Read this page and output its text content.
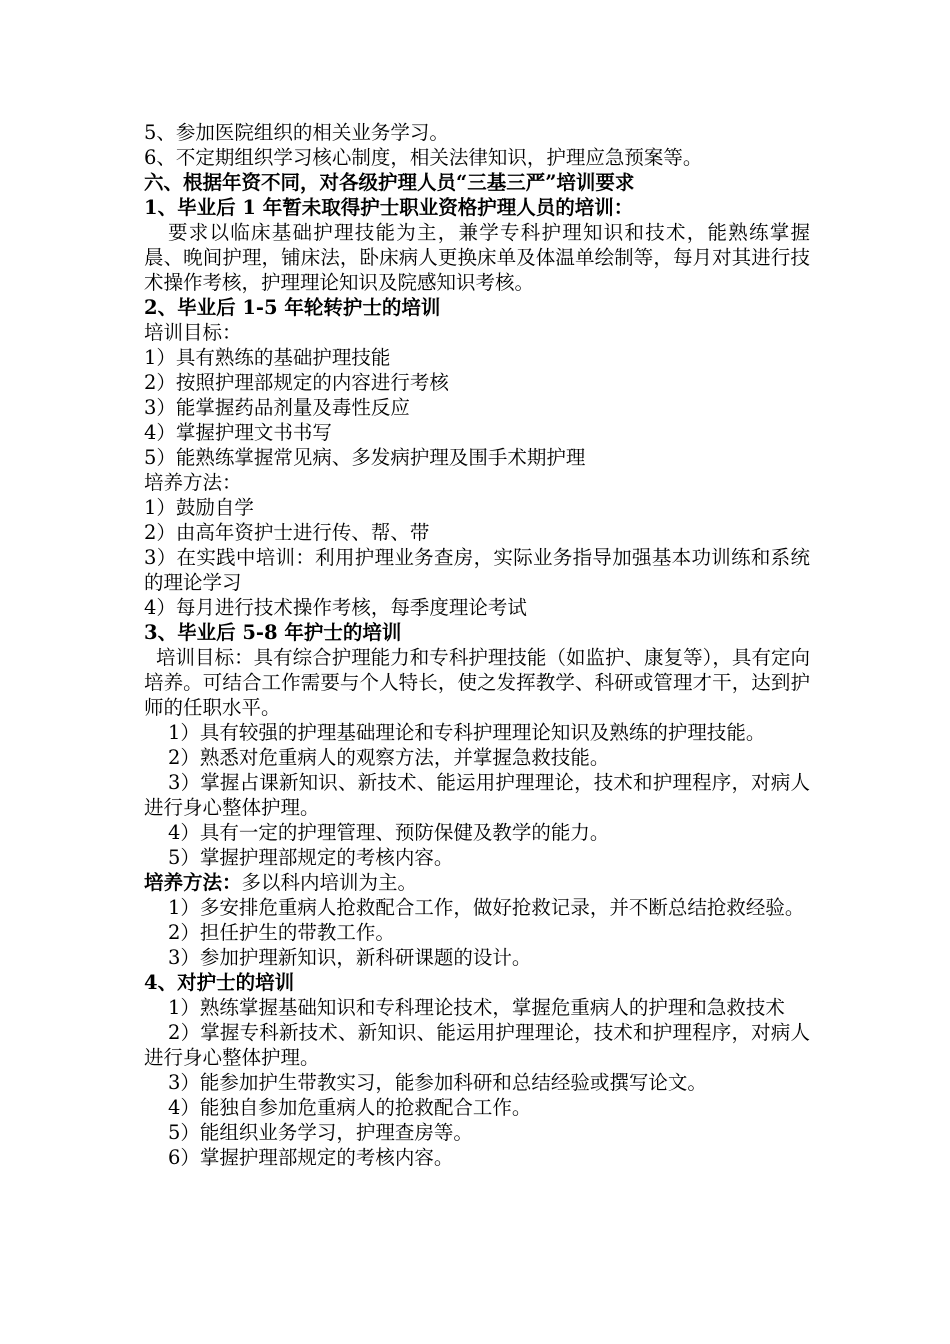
5、参加医院组织的相关业务学习。

6、不定期组织学习核心制度，相关法律知识，护理应急预案等。

六、根据年资不同，对各级护理人员“三基三严”培训要求

1、毕业后 1 年暂未取得护士职业资格护理人员的培训：

要求以临床基础护理技能为主，兼学专科护理知识和技术，能熟练掌握晨、晚间护理，铺床法，卧床病人更换床单及体温单绘制等，每月对其进行技术操作考核，护理理论知识及院感知识考核。

2、毕业后 1-5 年轮转护士的培训

培训目标：

1）具有熟练的基础护理技能

2）按照护理部规定的内容进行考核

3）能掌握药品剂量及毒性反应

4）掌握护理文书书写

5）能熟练掌握常见病、多发病护理及围手术期护理

培养方法：

1）鼓励自学

2）由高年资护士进行传、帮、带

3）在实践中培训：利用护理业务查房，实际业务指导加强基本功训练和系统的理论学习

4）每月进行技术操作考核，每季度理论考试

3、毕业后 5-8 年护士的培训

培训目标：具有综合护理能力和专科护理技能（如监护、康复等），具有定向培养。可结合工作需要与个人特长，使之发挥教学、科研或管理才干，达到护师的任职水平。

1）具有较强的护理基础理论和专科护理理论知识及熟练的护理技能。

2）熟悉对危重病人的观察方法，并掌握急救技能。

3）掌握占课新知识、新技术、能运用护理理论，技术和护理程序，对病人进行身心整体护理。

4）具有一定的护理管理、预防保健及教学的能力。

5）掌握护理部规定的考核内容。

培养方法：多以科内培训为主。

1）多安排危重病人抢救配合工作，做好抢救记录，并不断总结抢救经验。

2）担任护生的带教工作。

3）参加护理新知识，新科研课题的设计。

4、对护士的培训

1）熟练掌握基础知识和专科理论技术，掌握危重病人的护理和急救技术

2）掌握专科新技术、新知识、能运用护理理论，技术和护理程序，对病人进行身心整体护理。

3）能参加护生带教实习，能参加科研和总结经验或撰写论文。

4）能独自参加危重病人的抢救配合工作。

5）能组织业务学习，护理查房等。

6）掌握护理部规定的考核内容。
